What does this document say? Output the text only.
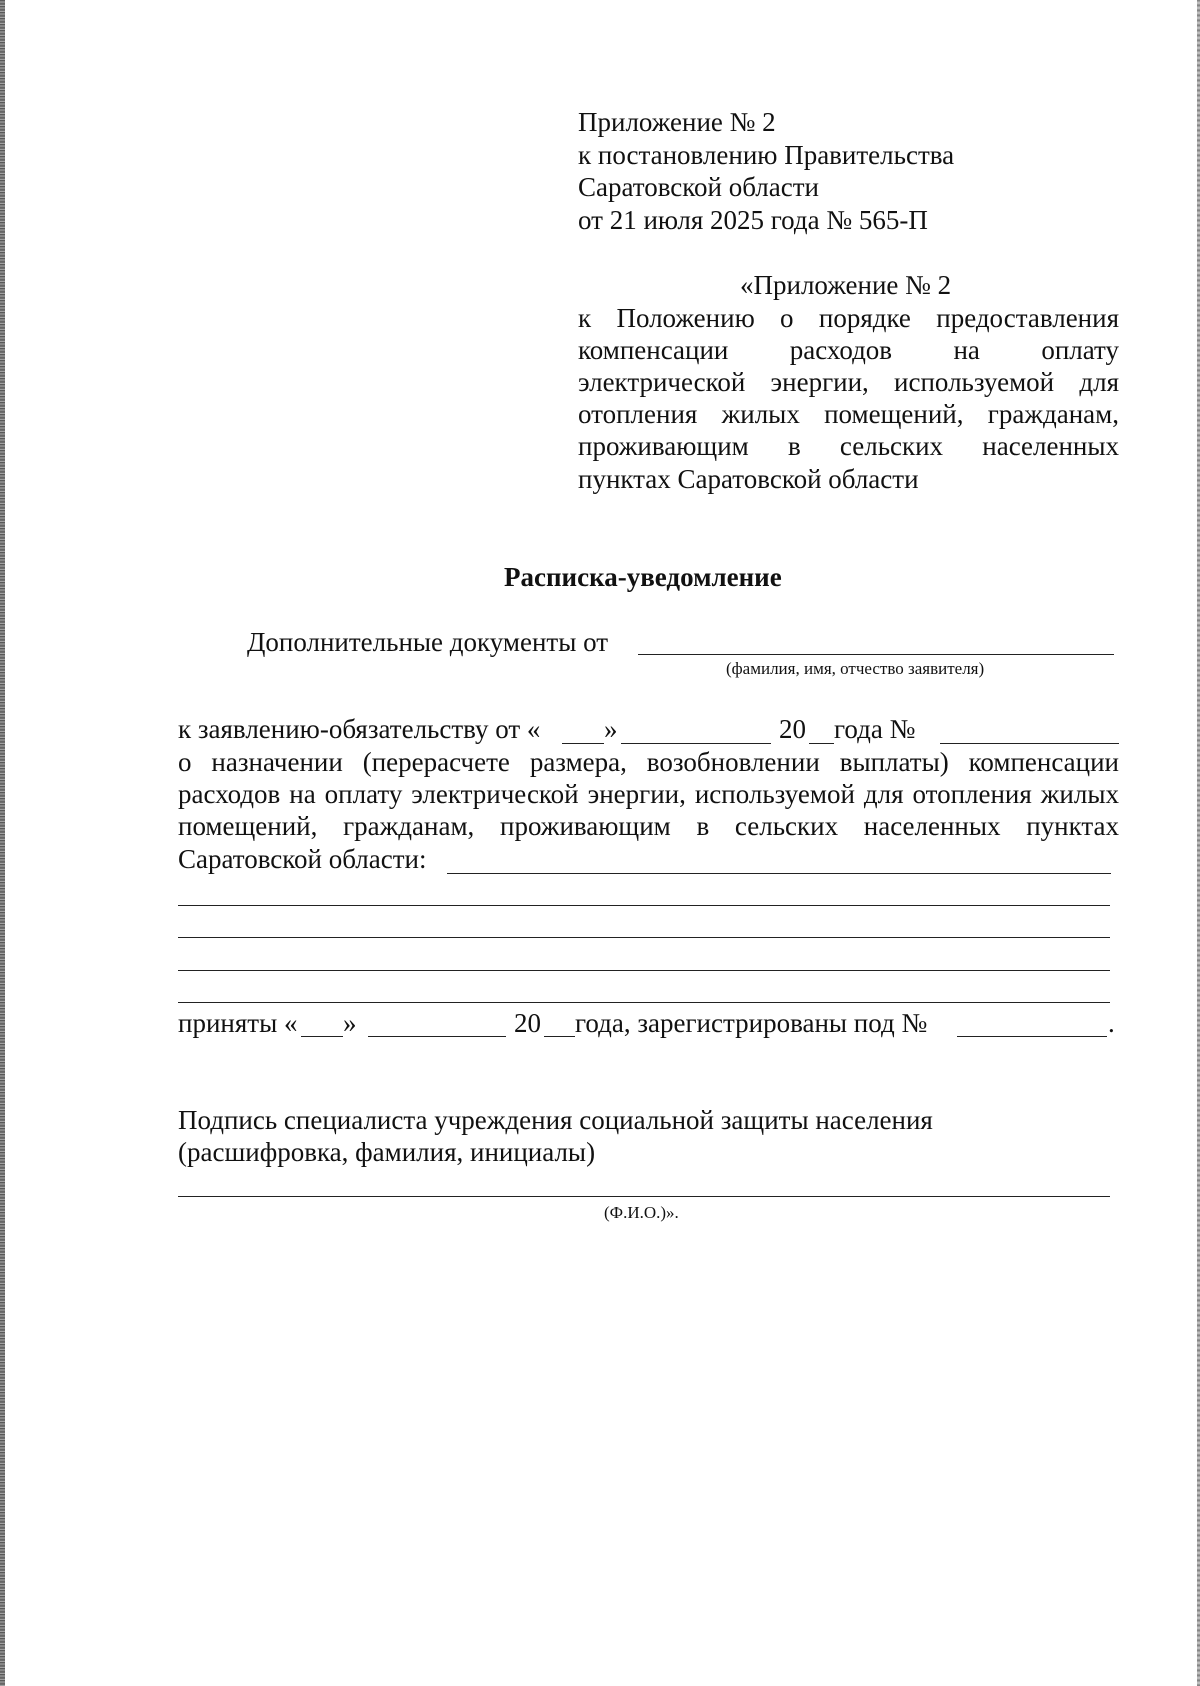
Приложение № 2
к постановлению Правительства
Саратовской области
от 21 июля 2025 года № 565-П
«Приложение № 2
к Положению о порядке предоставления
компенсации расходов на оплату
электрической энергии, используемой для
отопления жилых помещений, гражданам,
проживающим в сельских населенных
пунктах Саратовской области
Расписка-уведомление
Дополнительные документы от
(фамилия, имя, отчество заявителя)
к заявлению-обязательству от « »	20 года №
о назначении (перерасчете размера, возобновлении выплаты) компенсации
расходов на оплату электрической энергии, используемой для отопления жилых
помещений, гражданам, проживающим в сельских населенных пунктах
Саратовской области:
приняты « »	20 года, зарегистрированы под №	.
Подпись специалиста учреждения социальной защиты населения
(расшифровка, фамилия, инициалы)
(Ф.И.О.)».
